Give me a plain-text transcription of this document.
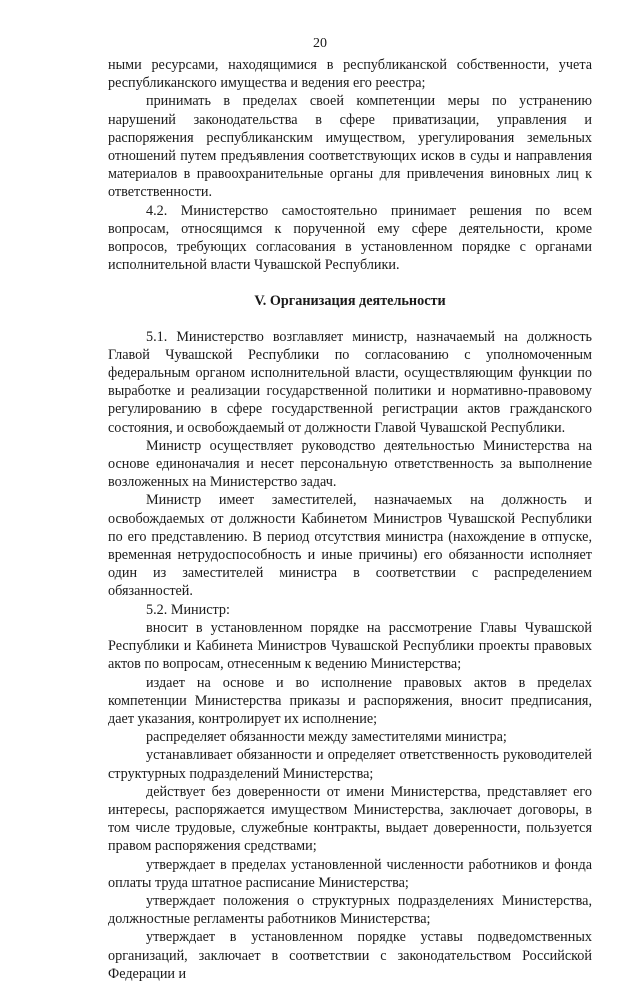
20

ными ресурсами, находящимися в республиканской собственности, учета республиканского имущества и ведения его реестра;

принимать в пределах своей компетенции меры по устранению нарушений законодательства в сфере приватизации, управления и распоряжения республиканским имуществом, урегулирования земельных отношений путем предъявления соответствующих исков в суды и направления материалов в правоохранительные органы для привлечения виновных лиц к ответственности.

4.2. Министерство самостоятельно принимает решения по всем вопросам, относящимся к порученной ему сфере деятельности, кроме вопросов, требующих согласования в установленном порядке с органами исполнительной власти Чувашской Республики.

V. Организация деятельности

5.1. Министерство возглавляет министр, назначаемый на должность Главой Чувашской Республики по согласованию с уполномоченным федеральным органом исполнительной власти, осуществляющим функции по выработке и реализации государственной политики и нормативно-правовому регулированию в сфере государственной регистрации актов гражданского состояния, и освобождаемый от должности Главой Чувашской Республики.

Министр осуществляет руководство деятельностью Министерства на основе единоначалия и несет персональную ответственность за выполнение возложенных на Министерство задач.

Министр имеет заместителей, назначаемых на должность и освобождаемых от должности Кабинетом Министров Чувашской Республики по его представлению. В период отсутствия министра (нахождение в отпуске, временная нетрудоспособность и иные причины) его обязанности исполняет один из заместителей министра в соответствии с распределением обязанностей.

5.2. Министр:

вносит в установленном порядке на рассмотрение Главы Чувашской Республики и Кабинета Министров Чувашской Республики проекты правовых актов по вопросам, отнесенным к ведению Министерства;

издает на основе и во исполнение правовых актов в пределах компетенции Министерства приказы и распоряжения, вносит предписания, дает указания, контролирует их исполнение;

распределяет обязанности между заместителями министра;

устанавливает обязанности и определяет ответственность руководителей структурных подразделений Министерства;

действует без доверенности от имени Министерства, представляет его интересы, распоряжается имуществом Министерства, заключает договоры, в том числе трудовые, служебные контракты, выдает доверенности, пользуется правом распоряжения средствами;

утверждает в пределах установленной численности работников и фонда оплаты труда штатное расписание Министерства;

утверждает положения о структурных подразделениях Министерства, должностные регламенты работников Министерства;

утверждает в установленном порядке уставы подведомственных организаций, заключает в соответствии с законодательством Российской Федерации и
